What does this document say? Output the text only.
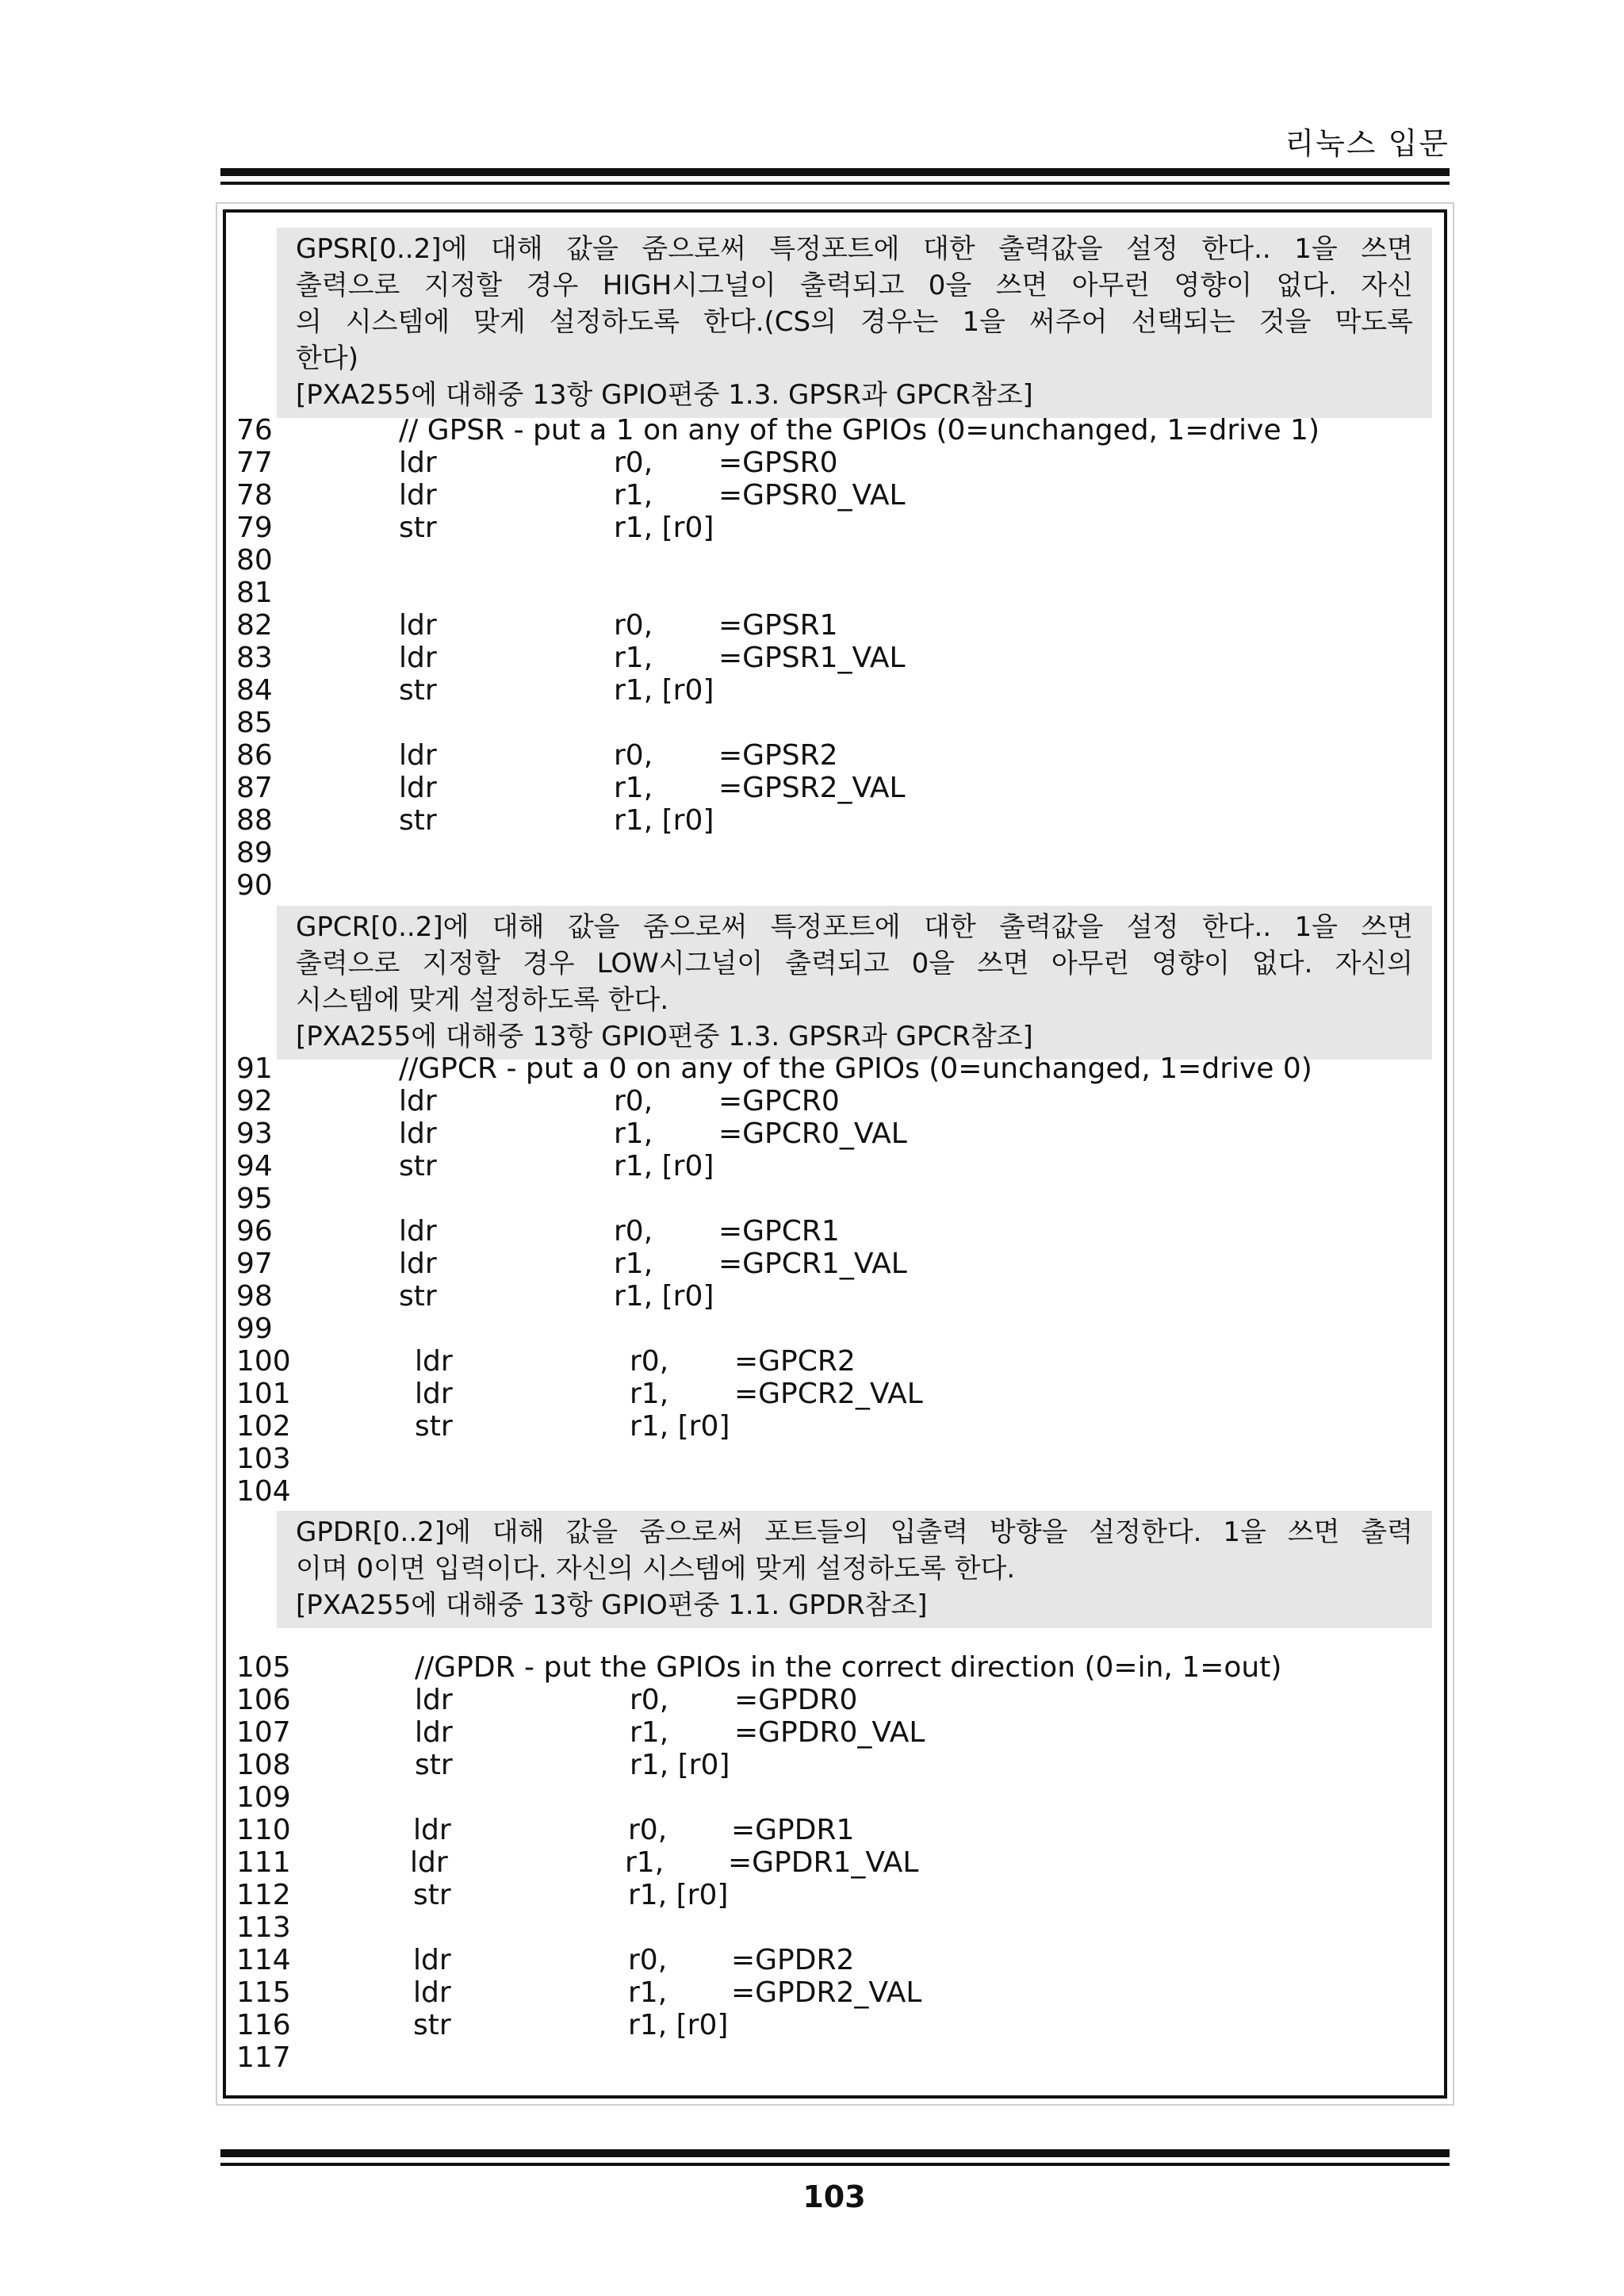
리눅스 입문
GPSR[0..2]에 대해 값을 줌으로써 특정포트에 대한 출력값을 설정 한다.. 1을 쓰면
출력으로 지정할 경우 HIGH시그널이 출력되고 0을 쓰면 아무런 영향이 없다. 자신
의 시스템에 맞게 설정하도록 한다.(CS의 경우는 1을 써주어 선택되는 것을 막도록
한다)
[PXA255에 대해중 13항 GPIO편중 1.3. GPSR과 GPCR참조]
GPCR[0..2]에 대해 값을 줌으로써 특정포트에 대한 출력값을 설정 한다.. 1을 쓰면
출력으로 지정할 경우 LOW시그널이 출력되고 0을 쓰면 아무런 영향이 없다. 자신의
시스템에 맞게 설정하도록 한다.
[PXA255에 대해중 13항 GPIO편중 1.3. GPSR과 GPCR참조]
GPDR[0..2]에 대해 값을 줌으로써 포트들의 입출력 방향을 설정한다. 1을 쓰면 출력
이며 0이면 입력이다. 자신의 시스템에 맞게 설정하도록 한다.
[PXA255에 대해중 13항 GPIO편중 1.1. GPDR참조]
76	// GPSR - put a 1 on any of the GPIOs (0=unchanged, 1=drive 1)
77	ldr	r0, =GPSR0
78	ldr	r1, =GPSR0_VAL
79	str	r1, [r0]
80
81
82	ldr	r0, =GPSR1
83	ldr	r1, =GPSR1_VAL
84	str	r1, [r0]
85
86	ldr	r0, =GPSR2
87	ldr	r1, =GPSR2_VAL
88	str	r1, [r0]
89
90
91	//GPCR - put a 0 on any of the GPIOs (0=unchanged, 1=drive 0)
92	ldr	r0, =GPCR0
93	ldr	r1, =GPCR0_VAL
94	str	r1, [r0]
95
96	ldr	r0, =GPCR1
97	ldr	r1, =GPCR1_VAL
98	str	r1, [r0]
99
100	ldr	r0, =GPCR2
101	ldr	r1, =GPCR2_VAL
102	str	r1, [r0]
103
104
105	//GPDR - put the GPIOs in the correct direction (0=in, 1=out)
106	ldr	r0, =GPDR0
107	ldr	r1, =GPDR0_VAL
108	str	r1, [r0]
109
110	ldr	r0, =GPDR1
111	ldr	r1, =GPDR1_VAL
112	str	r1, [r0]
113
114	ldr	r0, =GPDR2
115	ldr	r1, =GPDR2_VAL
116	str	r1, [r0]
117
103
